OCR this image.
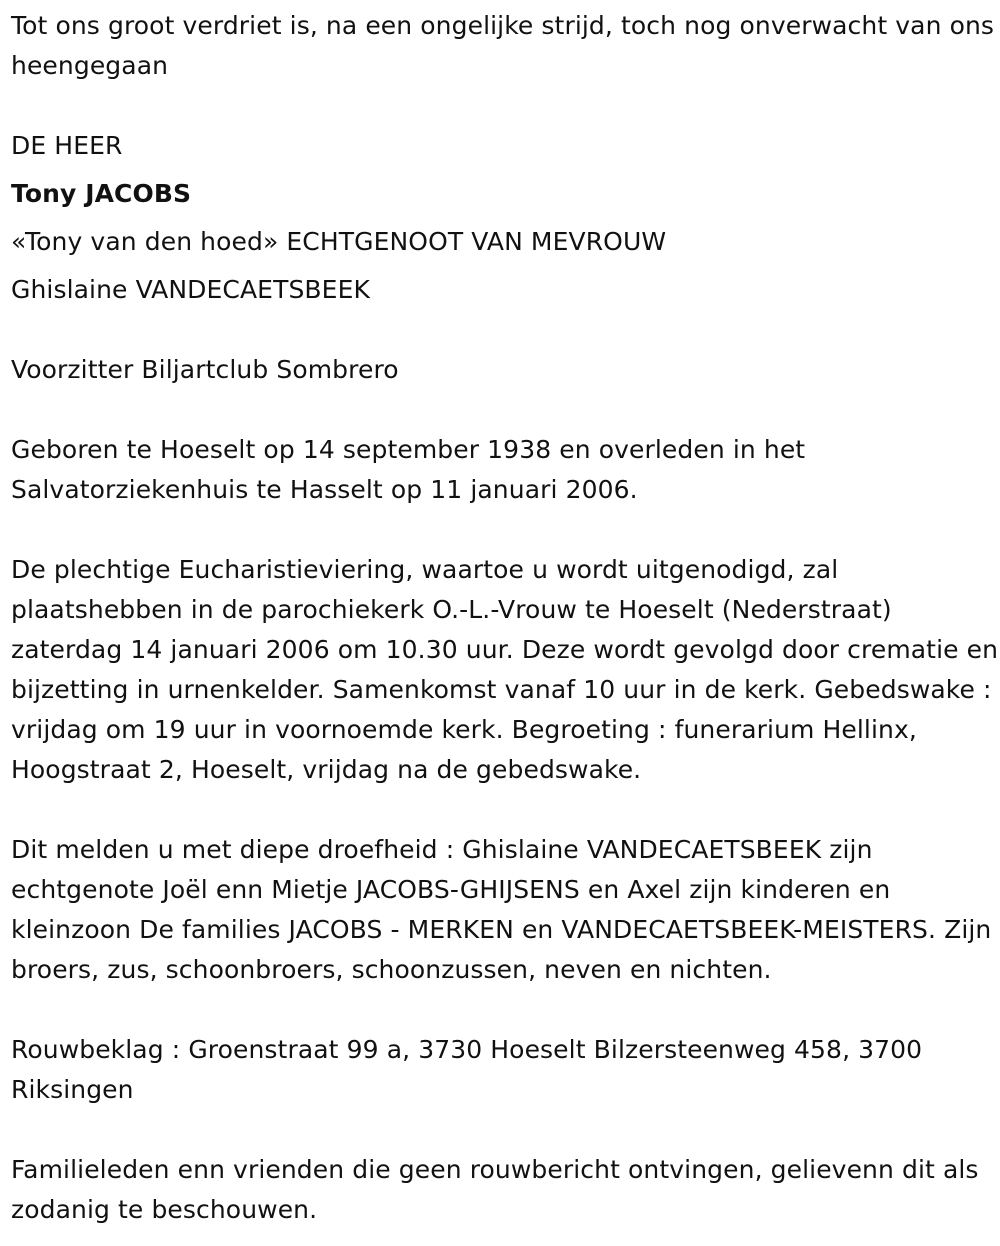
Tot ons groot verdriet is, na een ongelijke strijd, toch nog onverwacht van ons heengegaan

DE HEER

Tony JACOBS

«Tony van den hoed» ECHTGENOOT VAN MEVROUW

Ghislaine VANDECAETSBEEK

Voorzitter Biljartclub Sombrero

Geboren te Hoeselt op 14 september 1938 en overleden in het Salvatorziekenhuis te Hasselt op 11 januari 2006.

De plechtige Eucharistieviering, waartoe u wordt uitgenodigd, zal plaatshebben in de parochiekerk O.-L.-Vrouw te Hoeselt (Nederstraat) zaterdag 14 januari 2006 om 10.30 uur. Deze wordt gevolgd door crematie en bijzetting in urnenkelder. Samenkomst vanaf 10 uur in de kerk. Gebedswake : vrijdag om 19 uur in voornoemde kerk. Begroeting : funerarium Hellinx, Hoogstraat 2, Hoeselt, vrijdag na de gebedswake.

Dit melden u met diepe droefheid : Ghislaine VANDECAETSBEEK zijn echtgenote Joël enn Mietje JACOBS-GHIJSENS en Axel zijn kinderen en kleinzoon De families JACOBS - MERKEN en VANDECAETSBEEK-MEISTERS. Zijn broers, zus, schoonbroers, schoonzussen, neven en nichten.

Rouwbeklag : Groenstraat 99 a, 3730 Hoeselt Bilzersteenweg 458, 3700 Riksingen

Familieleden enn vrienden die geen rouwbericht ontvingen, gelievenn dit als zodanig te beschouwen.
